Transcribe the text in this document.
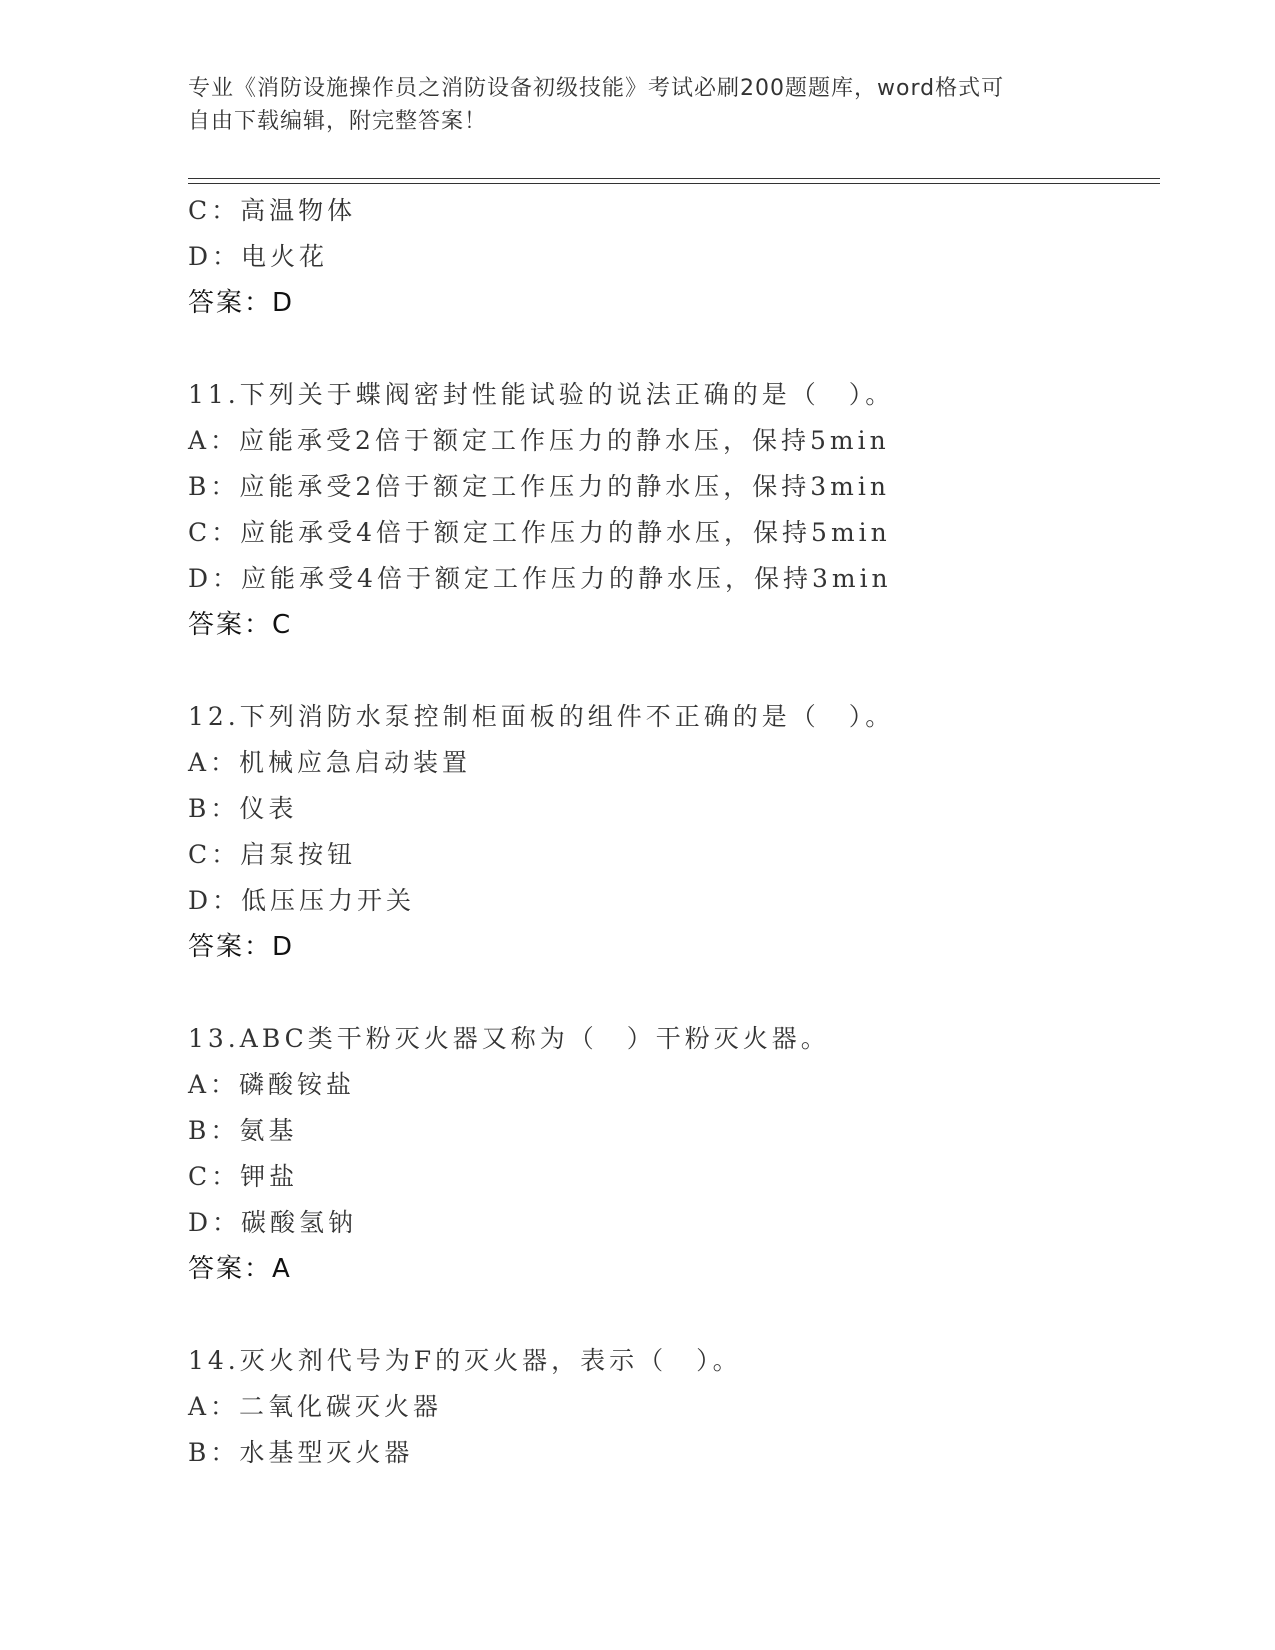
专业《消防设施操作员之消防设备初级技能》考试必刷200题题库，word格式可
自由下载编辑，附完整答案！
C：高温物体
D：电火花
答案：D
11.下列关于蝶阀密封性能试验的说法正确的是（　）。
A：应能承受2倍于额定工作压力的静水压，保持5min
B：应能承受2倍于额定工作压力的静水压，保持3min
C：应能承受4倍于额定工作压力的静水压，保持5min
D：应能承受4倍于额定工作压力的静水压，保持3min
答案：C
12.下列消防水泵控制柜面板的组件不正确的是（　）。
A：机械应急启动装置
B：仪表
C：启泵按钮
D：低压压力开关
答案：D
13.ABC类干粉灭火器又称为（　）干粉灭火器。
A：磷酸铵盐
B：氨基
C：钾盐
D：碳酸氢钠
答案：A
14.灭火剂代号为F的灭火器，表示（　）。
A：二氧化碳灭火器
B：水基型灭火器
